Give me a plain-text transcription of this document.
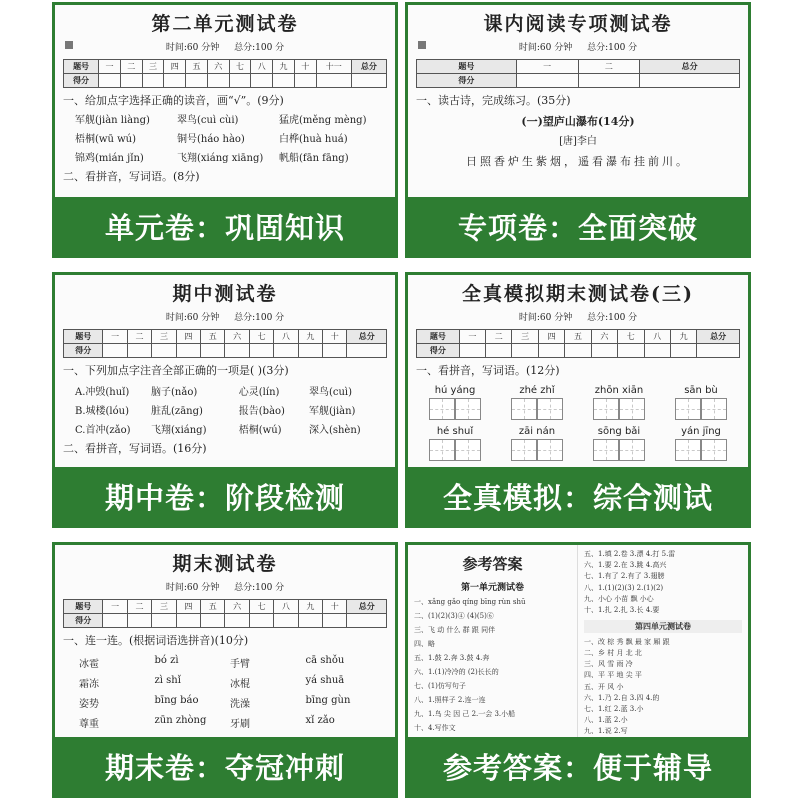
第二单元测试卷
时间:60 分钟 总分:100 分
题号	一	二	三	四	五	六	七	八	九	十	十一	总分
得分												
一、给加点字选择正确的读音，画“√”。(9分)
军舰(jiàn liàng)	翠鸟(cuì cùi)	猛虎(měng mèng)
梧桐(wū wú)	铜号(háo hào)	白桦(huà huá)
锦鸡(mián jǐn)	飞翔(xiáng xiāng)	帆船(fān fāng)
二、看拼音，写词语。(8分)
单元卷：巩固知识
课内阅读专项测试卷
时间:60 分钟 总分:100 分
题号	一	二	总分
得分			
一、读古诗，完成练习。(35分)
(一)望庐山瀑布(14分)
[唐]李白
日照香炉生紫烟，遥看瀑布挂前川。
专项卷：全面突破
期中测试卷
时间:60 分钟 总分:100 分
题号	一	二	三	四	五	六	七	八	九	十	总分
得分											
一、下列加点字注音全部正确的一项是( )(3分)
A.冲毁(huǐ)	脑子(nǎo)	心灵(lín)	翠鸟(cuì)
B.城楼(lóu)	脏乱(zāng)	报告(bào)	军舰(jiàn)
C.首冲(zǎo)	飞翔(xiáng)	梧桐(wú)	深入(shèn)
二、看拼音，写词语。(16分)
期中卷：阶段检测
全真模拟期末测试卷(三)
时间:60 分钟 总分:100 分
题号	一	二	三	四	五	六	七	八	九	总分
得分										
一、看拼音，写词语。(12分)
hú yáng	zhé zhǐ	zhōn xiān	sān bù
hé shuǐ	zāi nán	sōng bǎi	yán jīng
全真模拟：综合测试
期末测试卷
时间:60 分钟 总分:100 分
题号	一	二	三	四	五	六	七	八	九	十	总分
得分											
一、连一连。(根据词语选拼音)(10分)
冰雹	bó zì	手臂	cā shǒu
霜冻	zì shǐ	冰棍	yá shuā
姿势	bīng báo	洗澡	bīng gùn
尊重	zūn zhòng	牙刷	xǐ zǎo
期末卷：夺冠冲刺
参考答案
第一单元测试卷
一、xǎng gǎo qíng bīng rùn shū
二、(1)(2)(3)④ (4)(5)⑥
三、飞 动 什么 群 跟 同伴
四、略
五、1.鼓 2.奔 3.鼓 4.奔
六、1.(1)冷冷的 (2)长长的
七、(1)仿写句子
八、1.照样子 2.连一连
九、1.鸟 尖 因 己 2.一会 3.小船
十、4.写作文
五、1.填 2.卷 3.漂 4.打 5.雷
六、1.要 2.在 3.跳 4.高兴
七、1.有了 2.有了 3.翅膀
八、1.(1)(2)(3) 2.(1)(2)
九、小心 小苗 飘 小心
十、1.扎 2.扎 3.长 4.要
第四单元测试卷
一、改 棕 秀 飘 最 家 厢 跟
二、乡 村 月 北 北
三、风 雪 雨 冷
四、平 平 地 尖 平
五、开 风 小
六、1.乃 2.自 3.四 4.的
七、1.红 2.蓝 3.小
八、1.蓝 2.小
九、1.说 2.写
参考答案：便于辅导
